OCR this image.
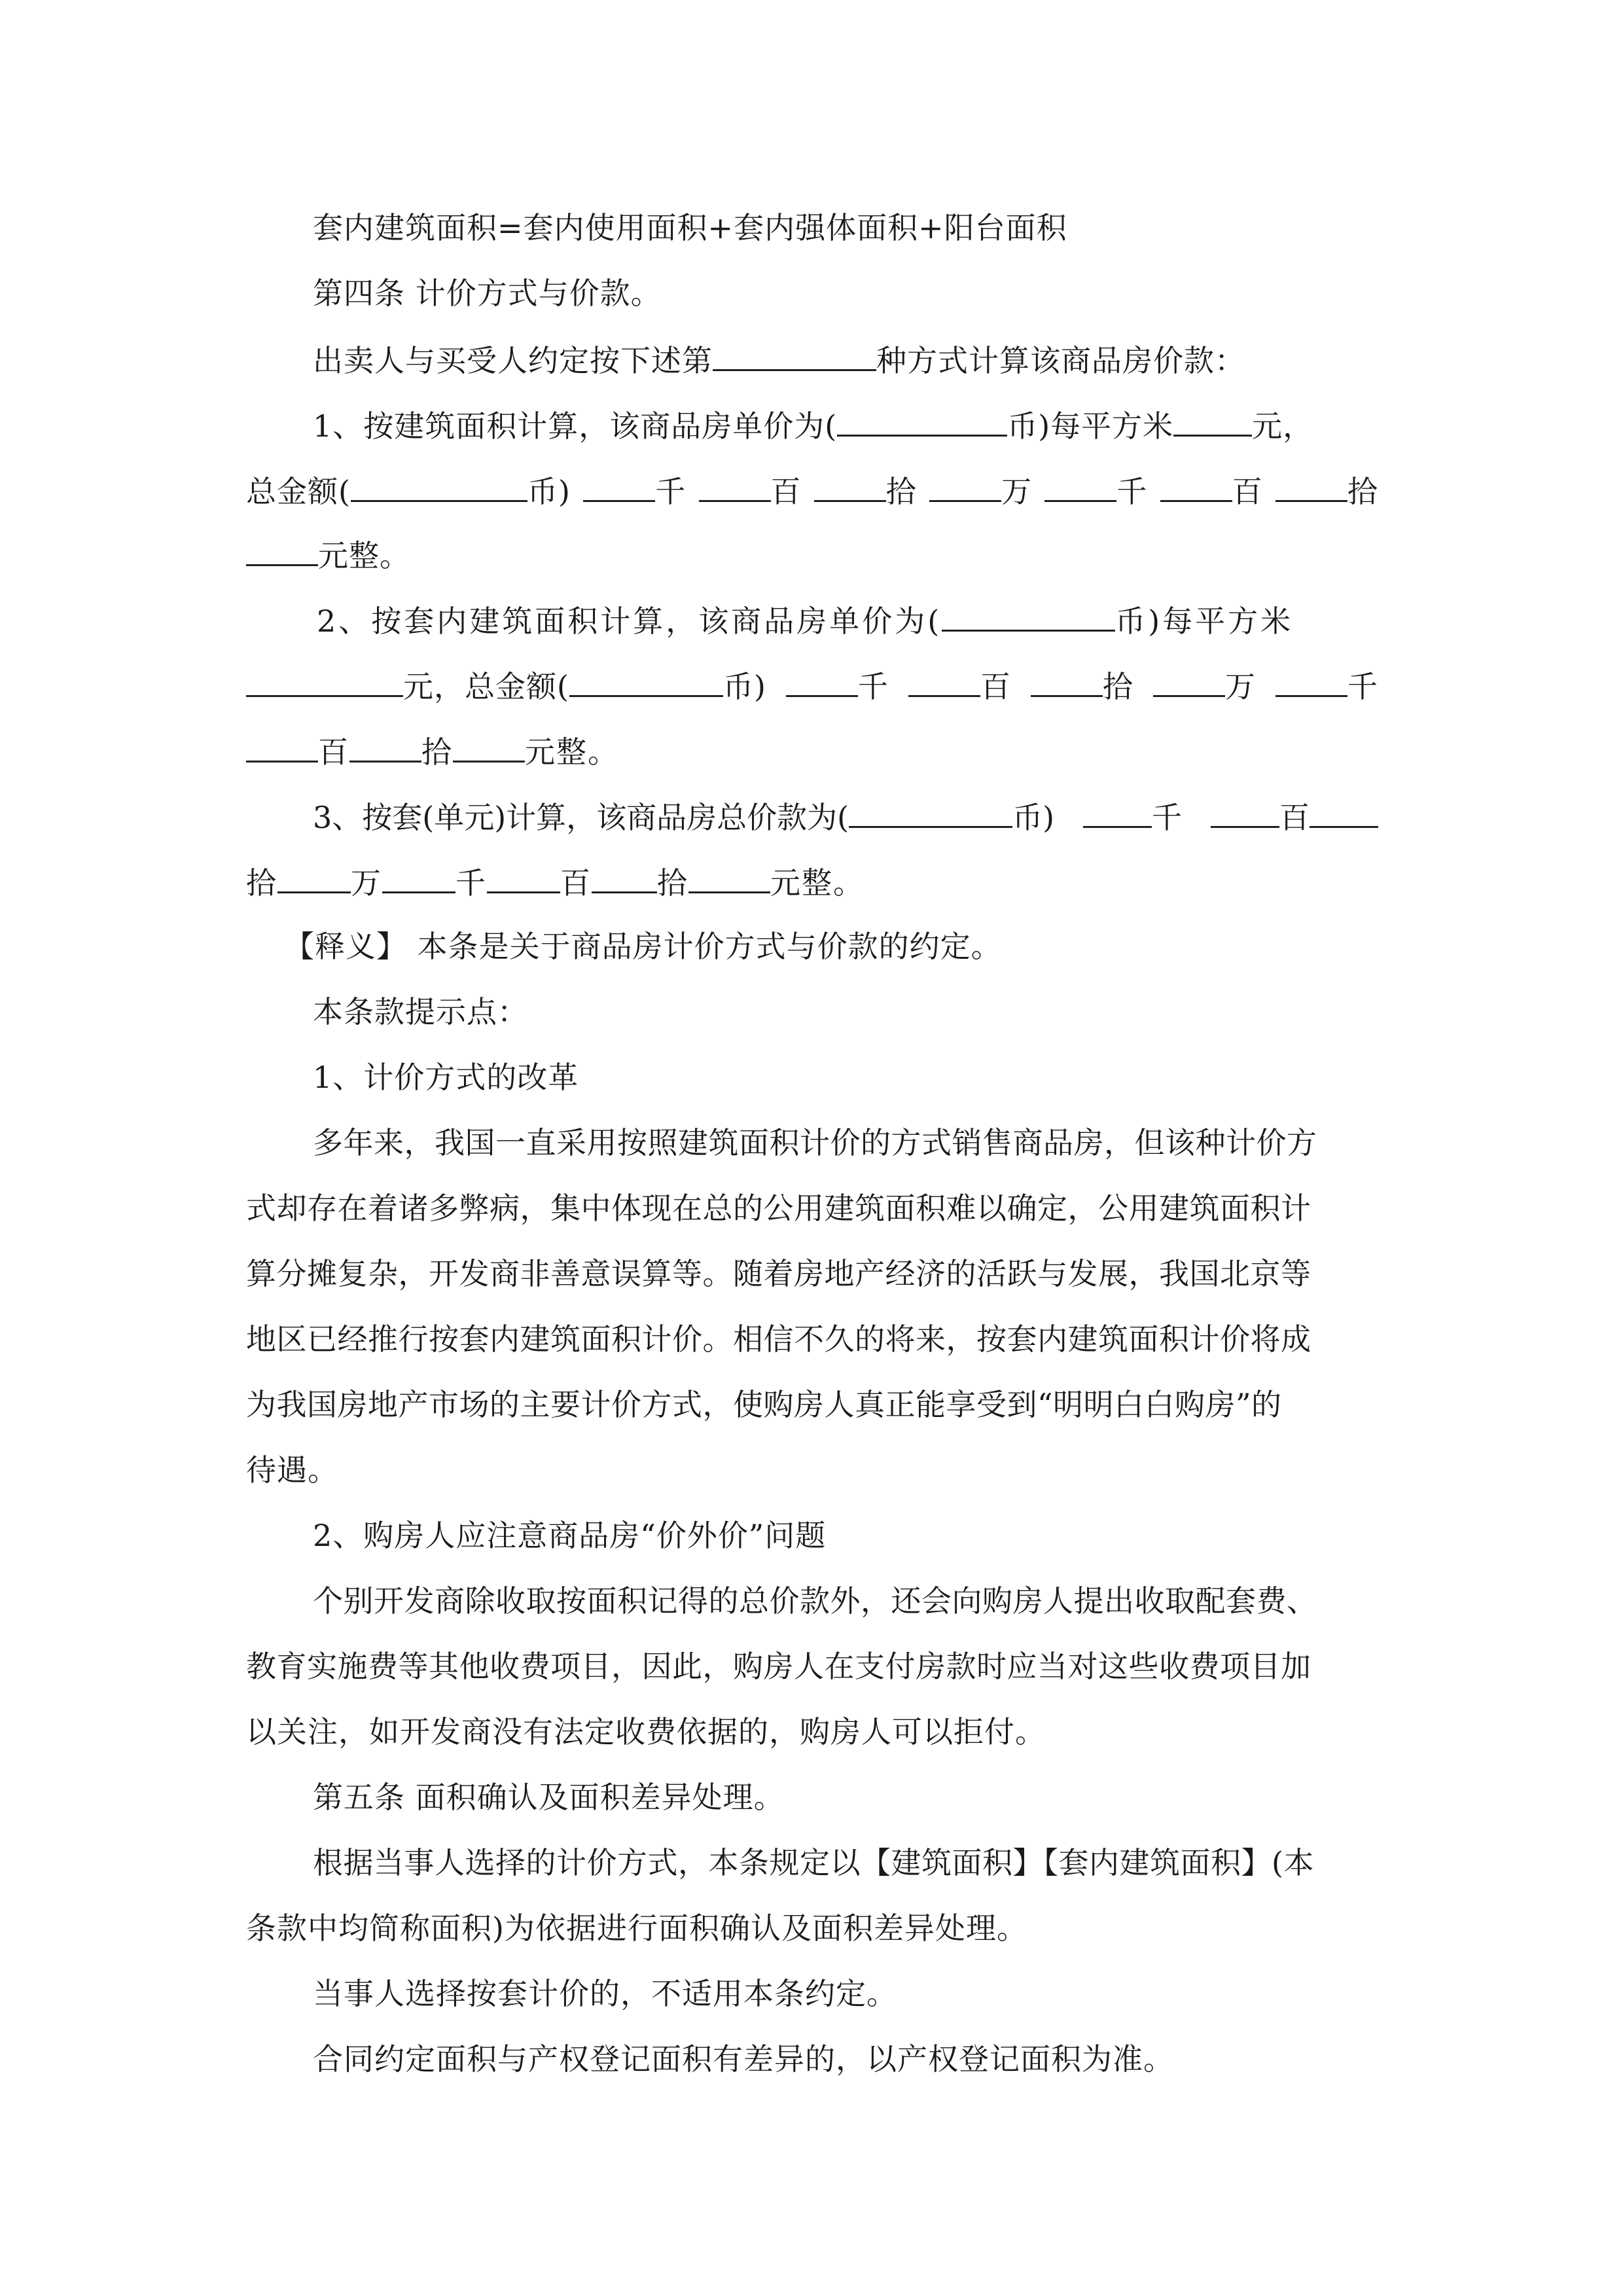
套内建筑面积=套内使用面积+套内强体面积+阳台面积
第四条 计价方式与价款。
出卖人与买受人约定按下述第	种方式计算该商品房价款：
1、按建筑面积计算，该商品房单价为(	币)每平方米	元，
总金额(	币)	千	百	拾	万	千	百	拾
元整。
2、按套内建筑面积计算，该商品房单价为(	币)每平方米
元，总金额(	币)	千	百	拾	万	千
百 拾 元整。
3、按套(单元)计算，该商品房总价款为(	币)	千	百
拾 万 千 百 拾	元整。
【释义】 本条是关于商品房计价方式与价款的约定。
本条款提示点：
1、计价方式的改革
多年来，我国一直采用按照建筑面积计价的方式销售商品房，但该种计价方
式却存在着诸多弊病，集中体现在总的公用建筑面积难以确定，公用建筑面积计
算分摊复杂，开发商非善意误算等。随着房地产经济的活跃与发展，我国北京等
地区已经推行按套内建筑面积计价。相信不久的将来，按套内建筑面积计价将成
为我国房地产市场的主要计价方式，使购房人真正能享受到“明明白白购房”的
待遇。
2、购房人应注意商品房“价外价”问题
个别开发商除收取按面积记得的总价款外，还会向购房人提出收取配套费、
教育实施费等其他收费项目，因此，购房人在支付房款时应当对这些收费项目加
以关注，如开发商没有法定收费依据的，购房人可以拒付。
第五条 面积确认及面积差异处理。
根据当事人选择的计价方式，本条规定以【建筑面积】【套内建筑面积】(本
条款中均简称面积)为依据进行面积确认及面积差异处理。
当事人选择按套计价的，不适用本条约定。
合同约定面积与产权登记面积有差异的，以产权登记面积为准。
